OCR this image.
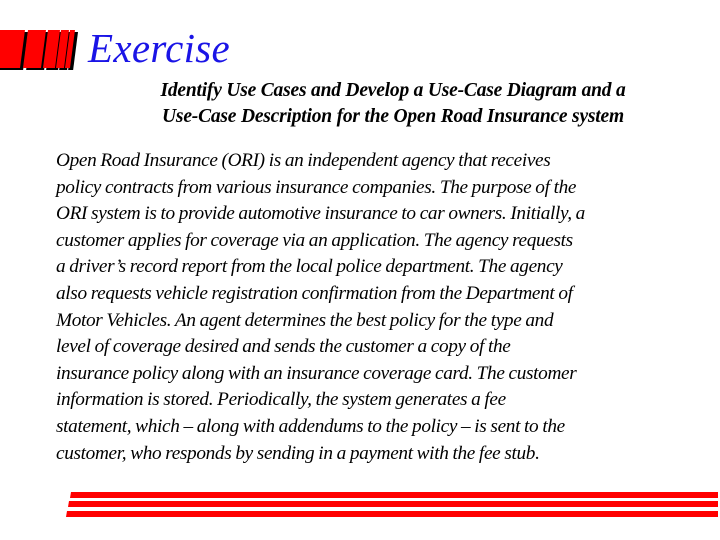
Exercise
Identify Use Cases and Develop a Use-Case Diagram and a
Use-Case Description for the Open Road Insurance system
Open Road Insurance (ORI) is an independent agency that receives
policy contracts from various insurance companies. The purpose of the
ORI system is to provide automotive insurance to car owners. Initially, a
customer applies for coverage via an application. The agency requests
a driver’s record report from the local police department. The agency
also requests vehicle registration confirmation from the Department of
Motor Vehicles. An agent determines the best policy for the type and
level of coverage desired and sends the customer a copy of the
insurance policy along with an insurance coverage card. The customer
information is stored. Periodically, the system generates a fee
statement, which – along with addendums to the policy – is sent to the
customer, who responds by sending in a payment with the fee stub.
